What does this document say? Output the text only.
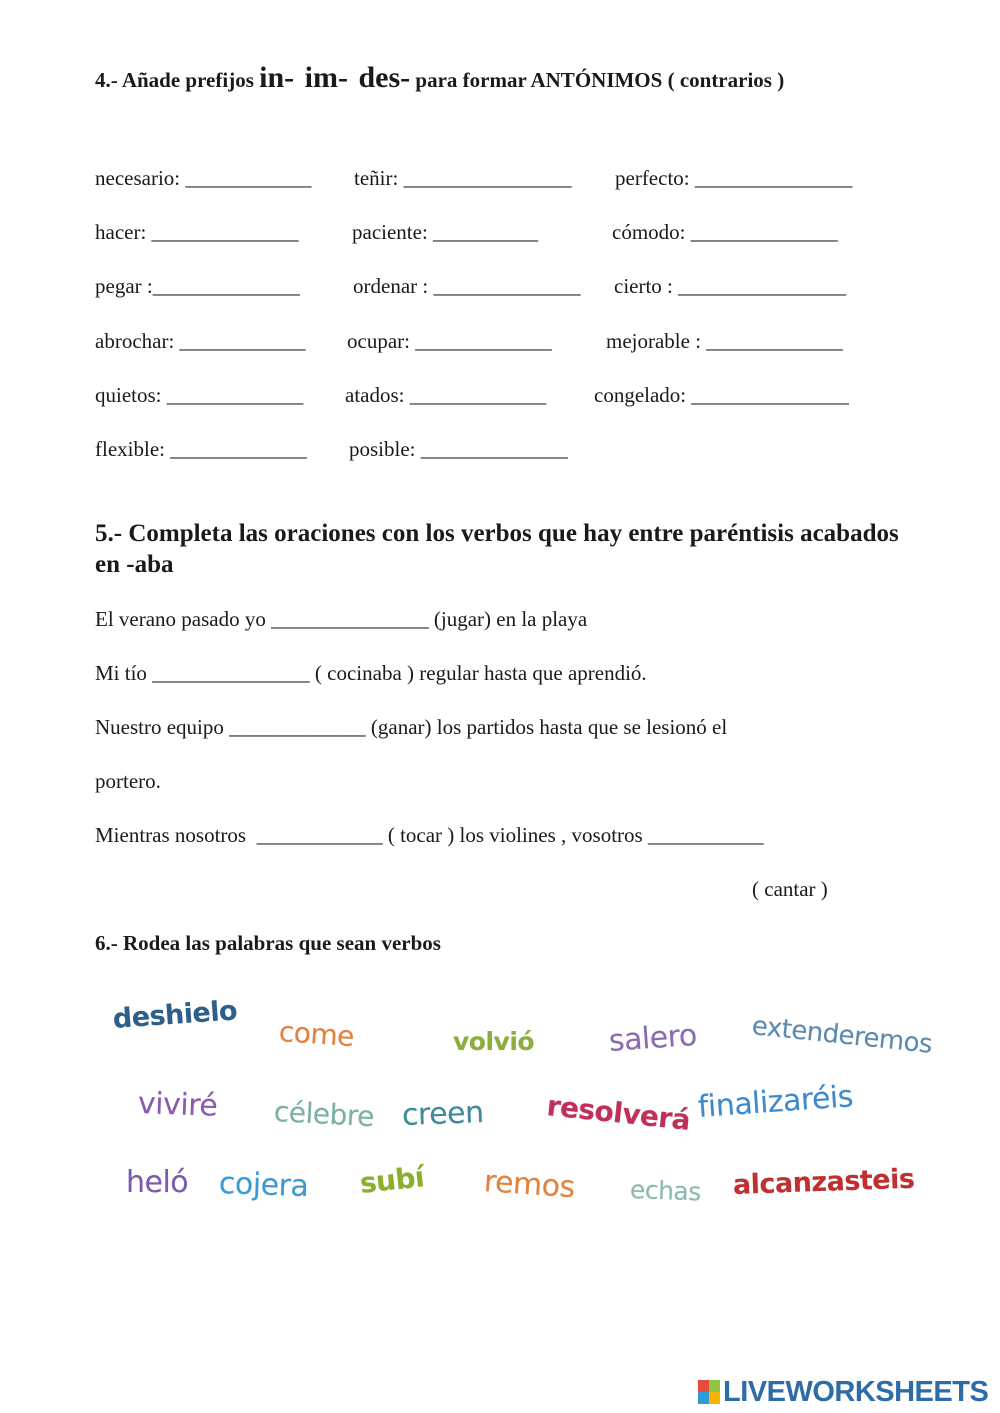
4.- Añade prefijos in- im- des- para formar ANTÓNIMOS ( contrarios )
necesario: ____________ teñir: ________________ perfecto: _______________
hacer: ______________	paciente: __________	cómodo: ______________
pegar :______________	ordenar : ______________ cierto : ________________
abrochar: ____________ ocupar: _____________	mejorable : _____________
quietos: _____________ atados: _____________ congelado: _______________
flexible: _____________ posible: ______________
5.- Completa las oraciones con los verbos que hay entre paréntisis acabados en -aba
El verano pasado yo _______________ (jugar) en la playa
Mi tío _______________ ( cocinaba ) regular hasta que aprendió.
Nuestro equipo _____________ (ganar) los partidos hasta que se lesionó el
portero.
Mientras nosotros  ____________ ( tocar ) los violines , vosotros ___________
( cantar )
6.- Rodea las palabras que sean verbos
deshielo come	volvió salero extenderemos
viviré célebre creen resolverá finalizaréis
heló cojera subí remos echas alcanzasteis
LIVEWORKSHEETS
